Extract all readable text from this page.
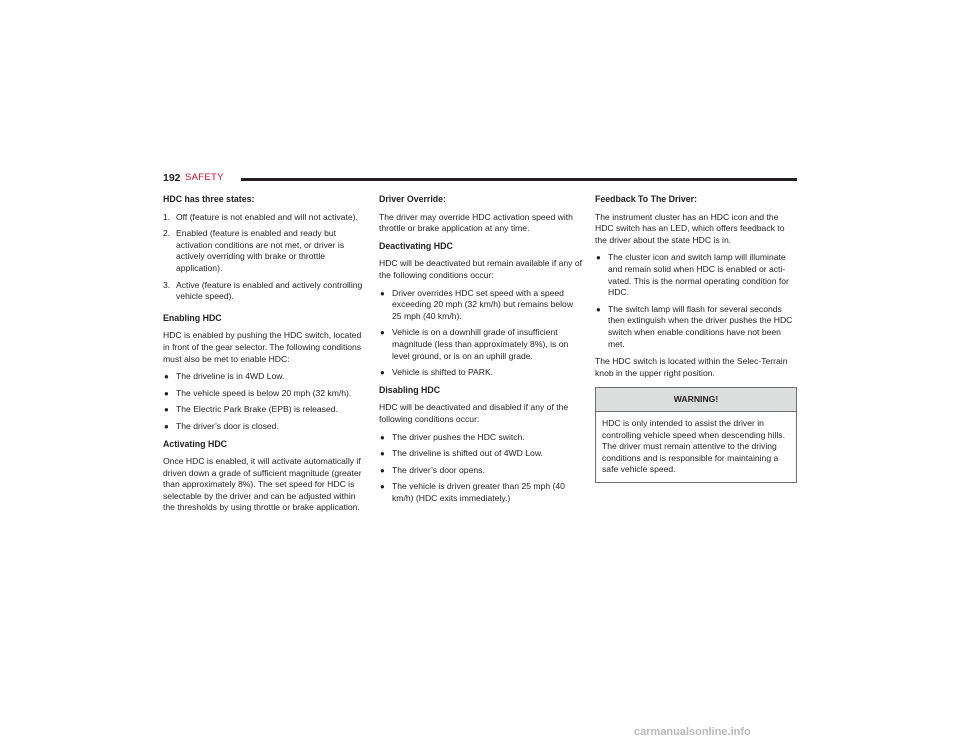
192 SAFETY
HDC has three states:
1. Off (feature is not enabled and will not activate).
2. Enabled (feature is enabled and ready but activation conditions are not met, or driver is actively overriding with brake or throttle application).
3. Active (feature is enabled and actively controlling vehicle speed).
Enabling HDC
HDC is enabled by pushing the HDC switch, located in front of the gear selector. The following conditions must also be met to enable HDC:
● The driveline is in 4WD Low.
● The vehicle speed is below 20 mph (32 km/h).
● The Electric Park Brake (EPB) is released.
● The driver’s door is closed.
Activating HDC
Once HDC is enabled, it will activate automatically if driven down a grade of sufficient magnitude (greater than approximately 8%). The set speed for HDC is selectable by the driver and can be adjusted within the thresholds by using throttle or brake application.
Driver Override:
The driver may override HDC activation speed with throttle or brake application at any time.
Deactivating HDC
HDC will be deactivated but remain available if any of the following conditions occur:
● Driver overrides HDC set speed with a speed exceeding 20 mph (32 km/h) but remains below 25 mph (40 km/h).
● Vehicle is on a downhill grade of insufficient magnitude (less than approximately 8%), is on level ground, or is on an uphill grade.
● Vehicle is shifted to PARK.
Disabling HDC
HDC will be deactivated and disabled if any of the following conditions occur:
● The driver pushes the HDC switch.
● The driveline is shifted out of 4WD Low.
● The driver’s door opens.
● The vehicle is driven greater than 25 mph (40 km/h) (HDC exits immediately.)
Feedback To The Driver:
The instrument cluster has an HDC icon and the HDC switch has an LED, which offers feedback to the driver about the state HDC is in.
● The cluster icon and switch lamp will illuminate and remain solid when HDC is enabled or acti-vated. This is the normal operating condition for HDC.
● The switch lamp will flash for several seconds then extinguish when the driver pushes the HDC switch when enable conditions have not been met.
The HDC switch is located within the Selec-Terrain knob in the upper right position.
WARNING!
HDC is only intended to assist the driver in controlling vehicle speed when descending hills. The driver must remain attentive to the driving conditions and is responsible for maintaining a safe vehicle speed.
carmanualsonline.info
